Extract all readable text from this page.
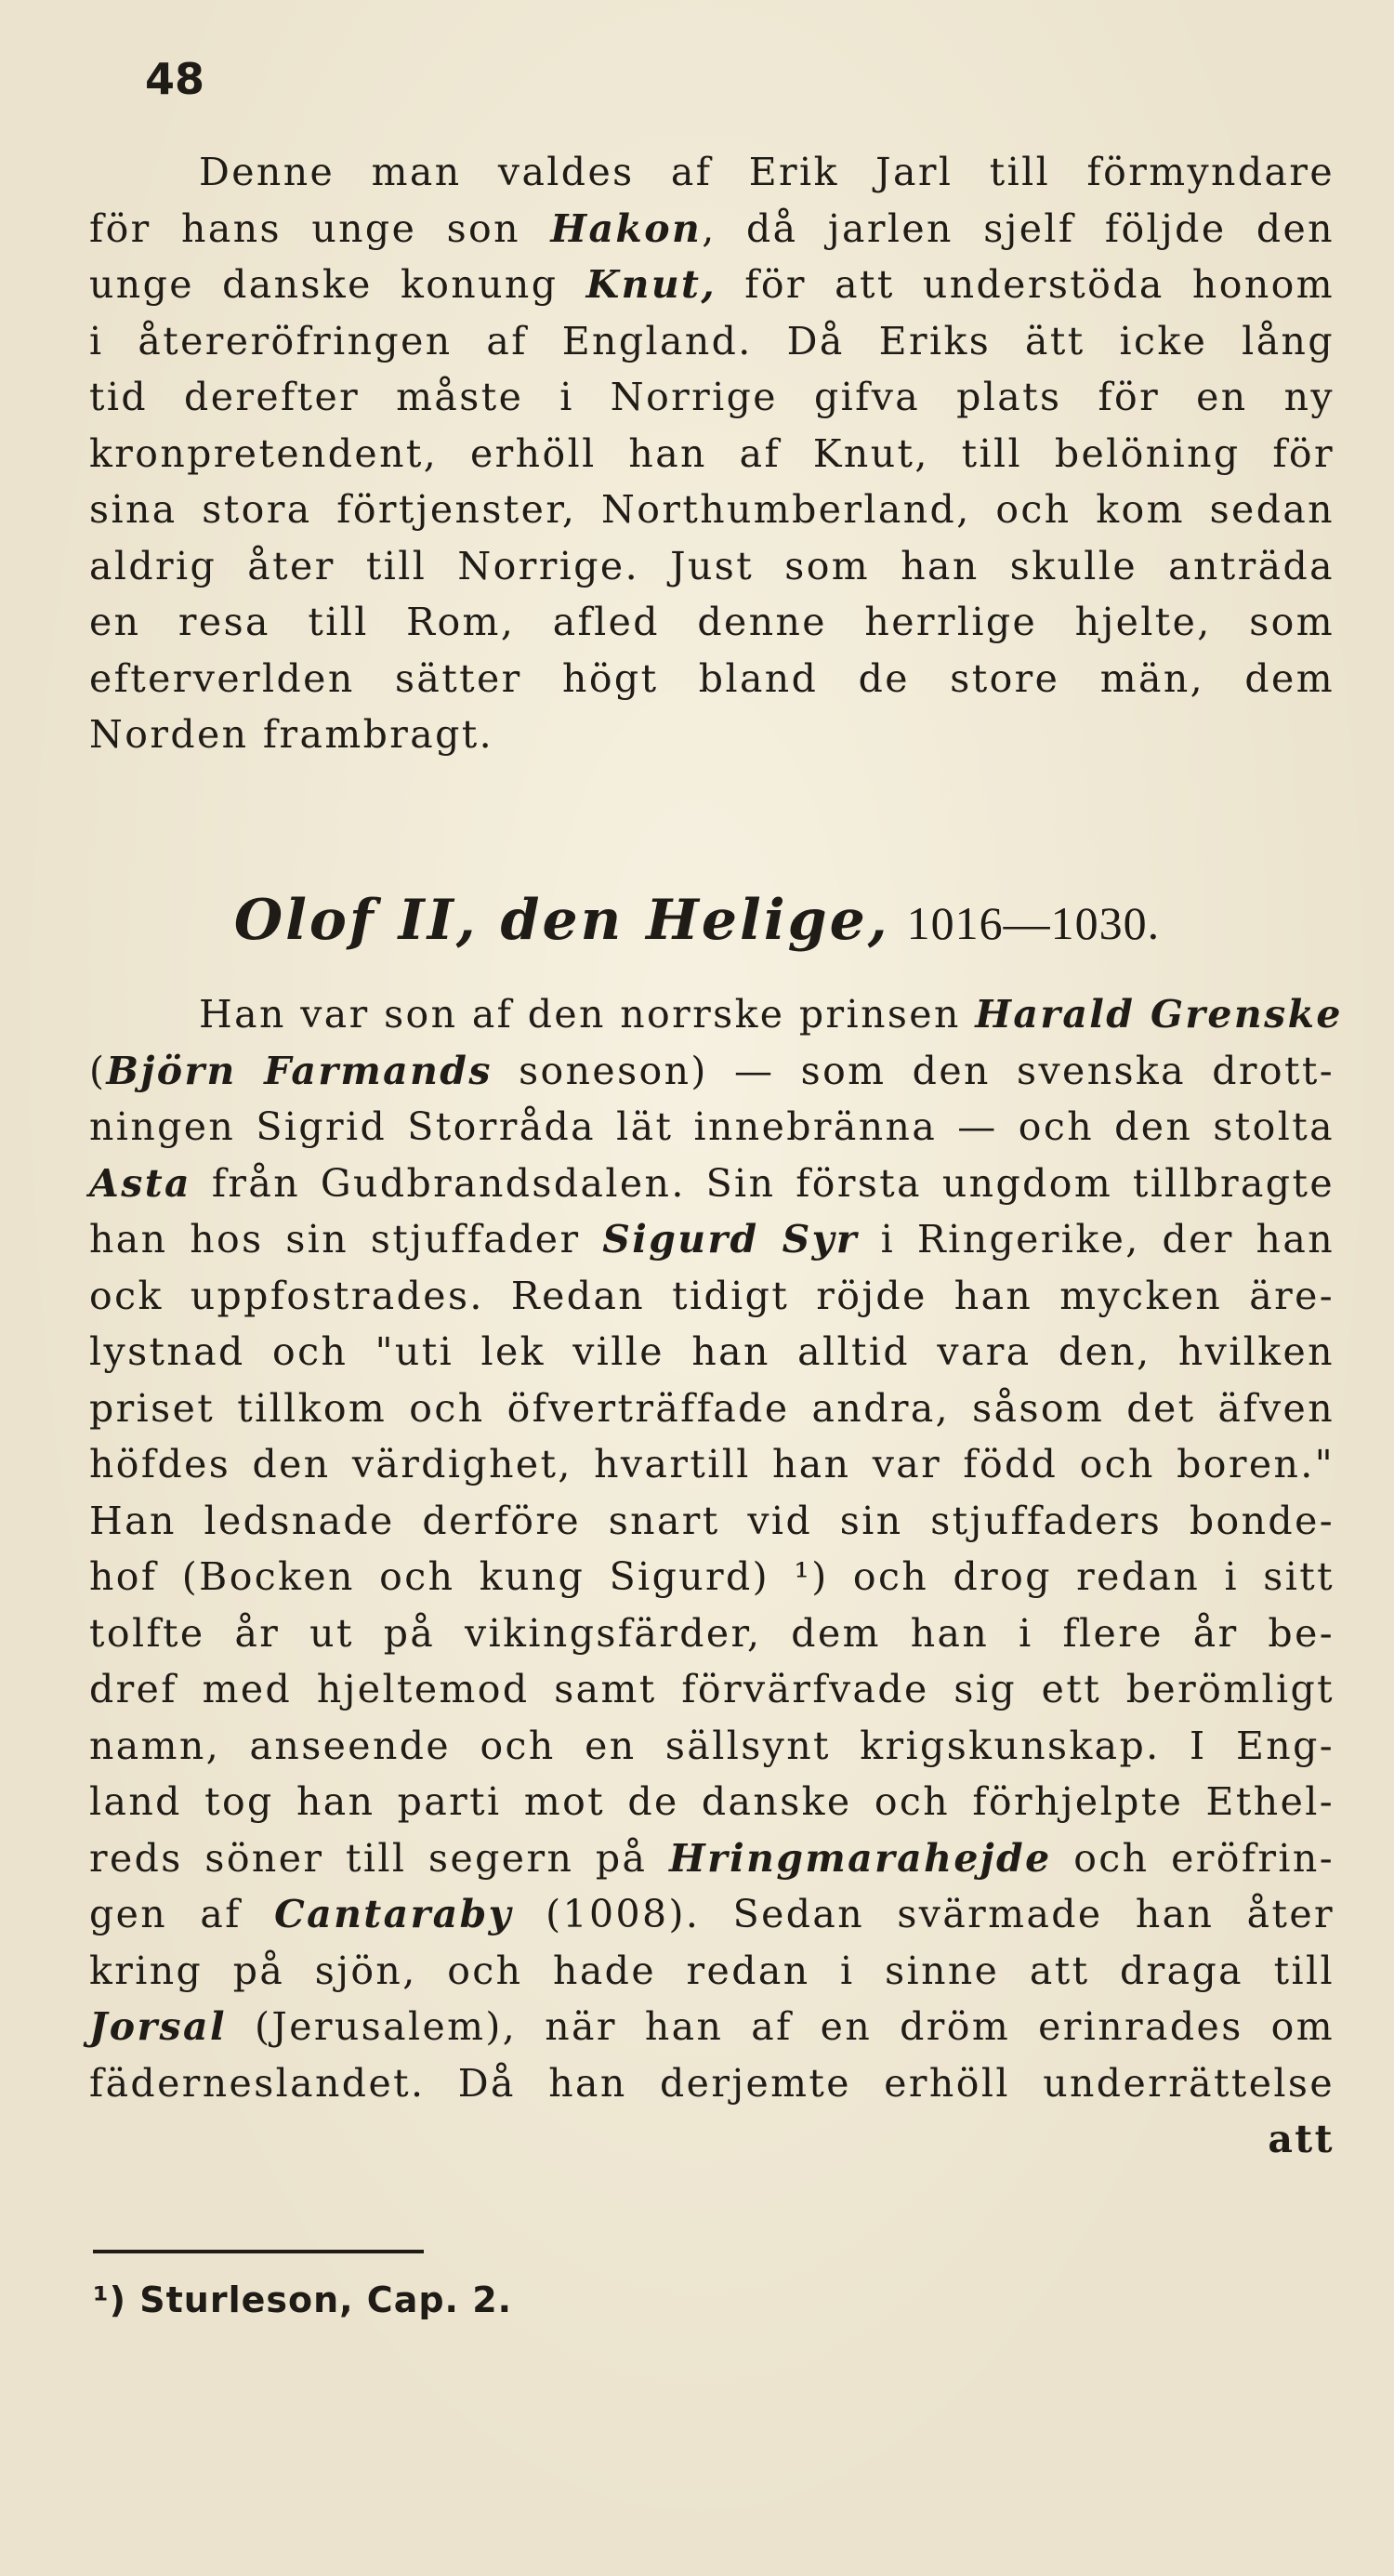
48
Denne man valdes af Erik Jarl till förmyndare
för hans unge son Hakon, då jarlen sjelf följde den
unge danske konung Knut, för att understöda honom
i återeröfringen af England. Då Eriks ätt icke lång
tid derefter måste i Norrige gifva plats för en ny
kronpretendent, erhöll han af Knut, till belöning för
sina stora förtjenster, Northumberland, och kom sedan
aldrig åter till Norrige. Just som han skulle anträda
en resa till Rom, afled denne herrlige hjelte, som
efterverlden sätter högt bland de store män, dem
Norden frambragt.
Olof II, den Helige, 1016—1030.
Han var son af den norrske prinsen Harald Grenske
(Björn Farmands soneson) — som den svenska drott-
ningen Sigrid Storråda lät innebränna — och den stolta
Asta från Gudbrandsdalen. Sin första ungdom tillbragte
han hos sin stjuffader Sigurd Syr i Ringerike, der han
ock uppfostrades. Redan tidigt röjde han mycken äre-
lystnad och "uti lek ville han alltid vara den, hvilken
priset tillkom och öfverträffade andra, såsom det äfven
höfdes den värdighet, hvartill han var född och boren."
Han ledsnade derföre snart vid sin stjuffaders bonde-
hof (Bocken och kung Sigurd) ¹) och drog redan i sitt
tolfte år ut på vikingsfärder, dem han i flere år be-
dref med hjeltemod samt förvärfvade sig ett berömligt
namn, anseende och en sällsynt krigskunskap. I Eng-
land tog han parti mot de danske och förhjelpte Ethel-
reds söner till segern på Hringmarahejde och eröfrin-
gen af Cantaraby (1008). Sedan svärmade han åter
kring på sjön, och hade redan i sinne att draga till
Jorsal (Jerusalem), när han af en dröm erinrades om
fäderneslandet. Då han derjemte erhöll underrättelse
att
¹) Sturleson, Cap. 2.
